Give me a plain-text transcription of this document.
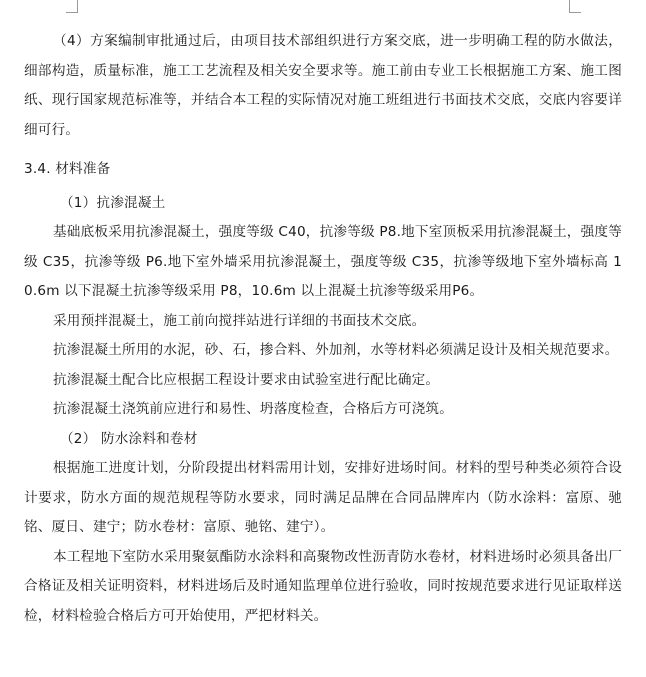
（4）方案编制审批通过后，由项目技术部组织进行方案交底，进一步明确工程的防水做法，细部构造，质量标准，施工工艺流程及相关安全要求等。施工前由专业工长根据施工方案、施工图纸、现行国家规范标准等，并结合本工程的实际情况对施工班组进行书面技术交底，交底内容要详细可行。

3.4. 材料准备

（1）抗渗混凝土

基础底板采用抗渗混凝土，强度等级 C40，抗渗等级 P8.地下室顶板采用抗渗混凝土，强度等级 C35，抗渗等级 P6.地下室外墙采用抗渗混凝土，强度等级 C35，抗渗等级地下室外墙标高 10.6m 以下混凝土抗渗等级采用 P8，10.6m 以上混凝土抗渗等级采用P6。

采用预拌混凝土，施工前向搅拌站进行详细的书面技术交底。

抗渗混凝土所用的水泥，砂、石，掺合料、外加剂，水等材料必须满足设计及相关规范要求。

抗渗混凝土配合比应根据工程设计要求由试验室进行配比确定。

抗渗混凝土浇筑前应进行和易性、坍落度检查，合格后方可浇筑。

（2） 防水涂料和卷材

根据施工进度计划，分阶段提出材料需用计划，安排好进场时间。材料的型号种类必须符合设计要求，防水方面的规范规程等防水要求，同时满足品牌在合同品牌库内（防水涂料：富原、驰铭、厦日、建宁；防水卷材：富原、驰铭、建宁）。

本工程地下室防水采用聚氨酯防水涂料和高聚物改性沥青防水卷材，材料进场时必须具备出厂合格证及相关证明资料，材料进场后及时通知监理单位进行验收，同时按规范要求进行见证取样送检，材料检验合格后方可开始使用，严把材料关。
